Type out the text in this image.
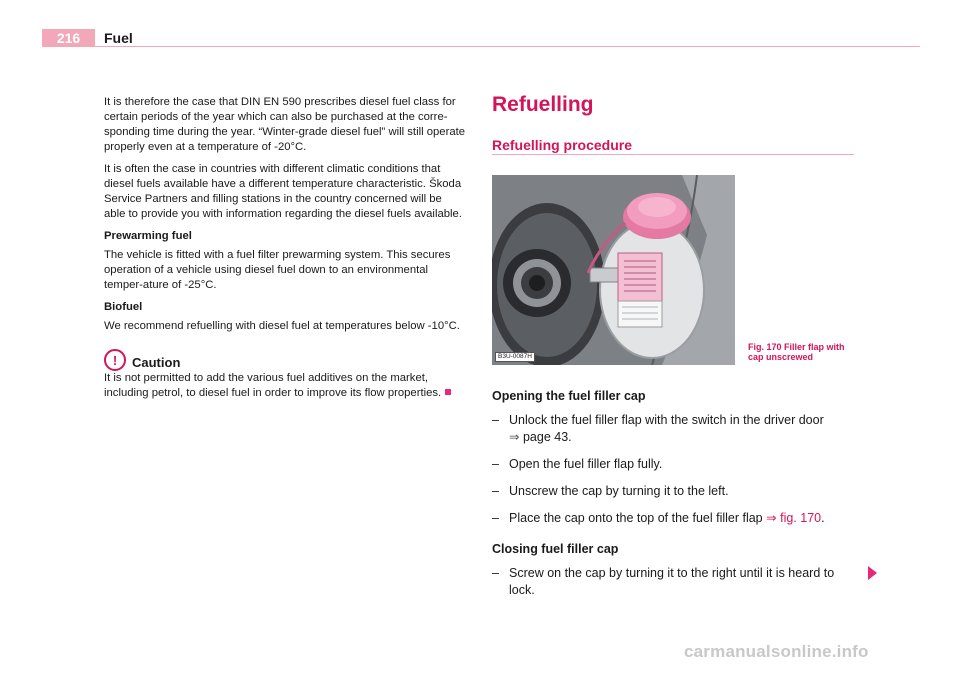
216	Fuel

It is therefore the case that DIN EN 590 prescribes diesel fuel class for certain periods of the year which can also be purchased at the corre-sponding time during the year. “Winter-grade diesel fuel” will still operate properly even at a temperature of -20°C.

It is often the case in countries with different climatic conditions that diesel fuels available have a different temperature characteristic. Škoda Service Partners and filling stations in the country concerned will be able to provide you with information regarding the diesel fuels available.

Prewarming fuel

The vehicle is fitted with a fuel filter prewarming system. This secures operation of a vehicle using diesel fuel down to an environmental temper-ature of -25°C.

Biofuel

We recommend refuelling with diesel fuel at temperatures below -10°C.

!	Caution

It is not permitted to add the various fuel additives on the market, including petrol, to diesel fuel in order to improve its flow properties.

Refuelling
Refuelling procedure
B3U-0087H
Fig. 170 Filler flap with cap unscrewed

Opening the fuel filler cap

– Unlock the fuel filler flap with the switch in the driver door
⇒ page 43.
– Open the fuel filler flap fully.
– Unscrew the cap by turning it to the left.
– Place the cap onto the top of the fuel filler flap ⇒ fig. 170.

Closing fuel filler cap

– Screw on the cap by turning it to the right until it is heard to lock.
carmanualsonline.info
